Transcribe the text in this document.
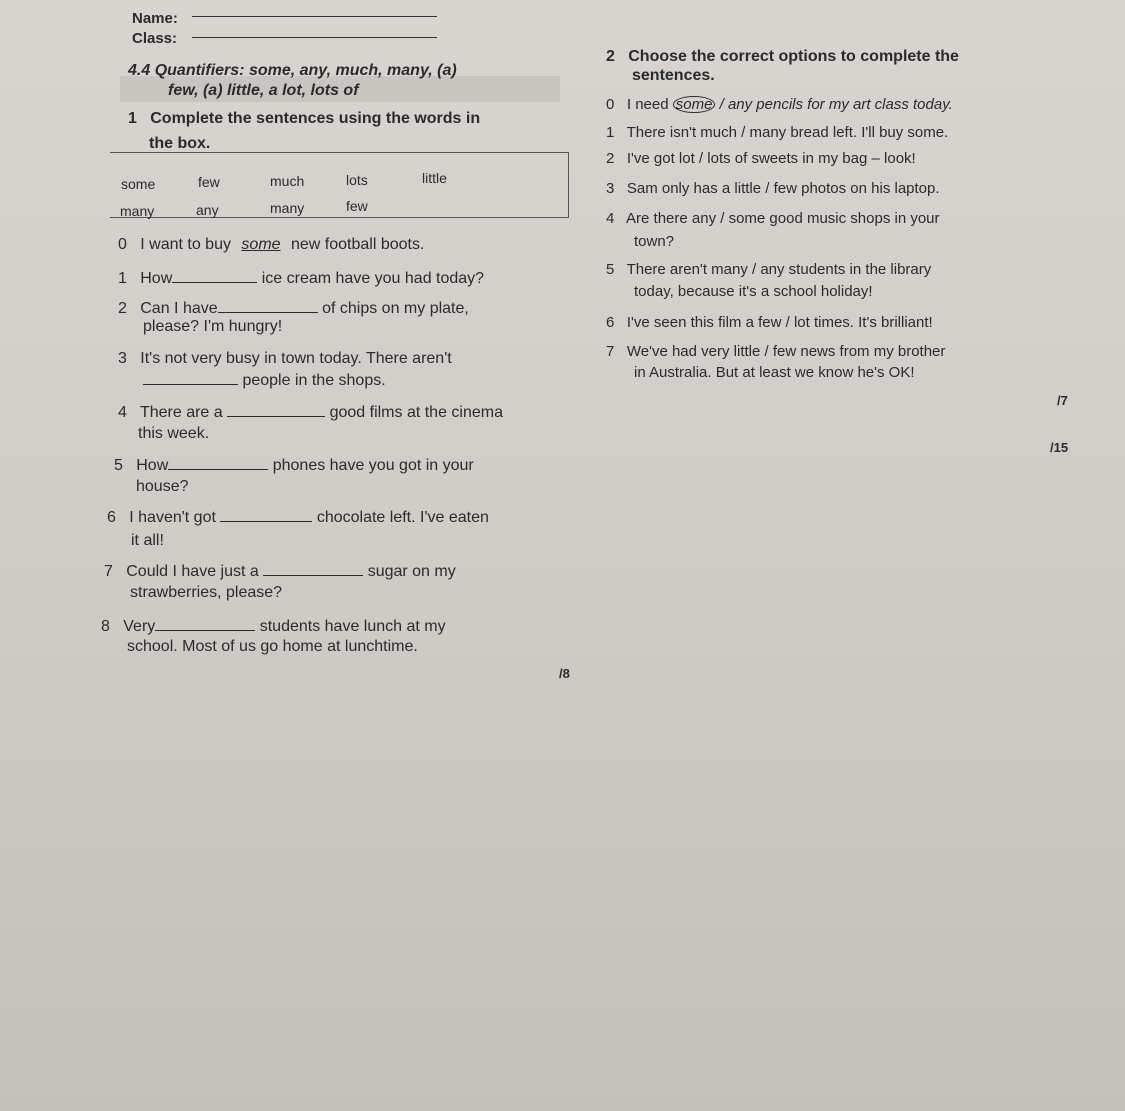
Name:
Class:
4.4 Quantifiers: some, any, much, many, (a)
few, (a) little, a lot, lots of
1 Complete the sentences using the words in
the box.
some	few	much	lots	little
many	any	many	few
0 I want to buy some new football boots.
1 How	ice cream have you had today?
2 Can I have	of chips on my plate,
please? I'm hungry!
3 It's not very busy in town today. There aren't
people in the shops.
4 There are a	good films at the cinema
this week.
5 How	phones have you got in your
house?
6 I haven't got	chocolate left. I've eaten
it all!
7 Could I have just a	sugar on my
strawberries, please?
8 Very	students have lunch at my
school. Most of us go home at lunchtime.
/8
2 Choose the correct options to complete the
sentences.
0 I need some / any pencils for my art class today.
1 There isn't much / many bread left. I'll buy some.
2 I've got lot / lots of sweets in my bag – look!
3 Sam only has a little / few photos on his laptop.
4 Are there any / some good music shops in your
town?
5 There aren't many / any students in the library
today, because it's a school holiday!
6 I've seen this film a few / lot times. It's brilliant!
7 We've had very little / few news from my brother
in Australia. But at least we know he's OK!
/7
/15
